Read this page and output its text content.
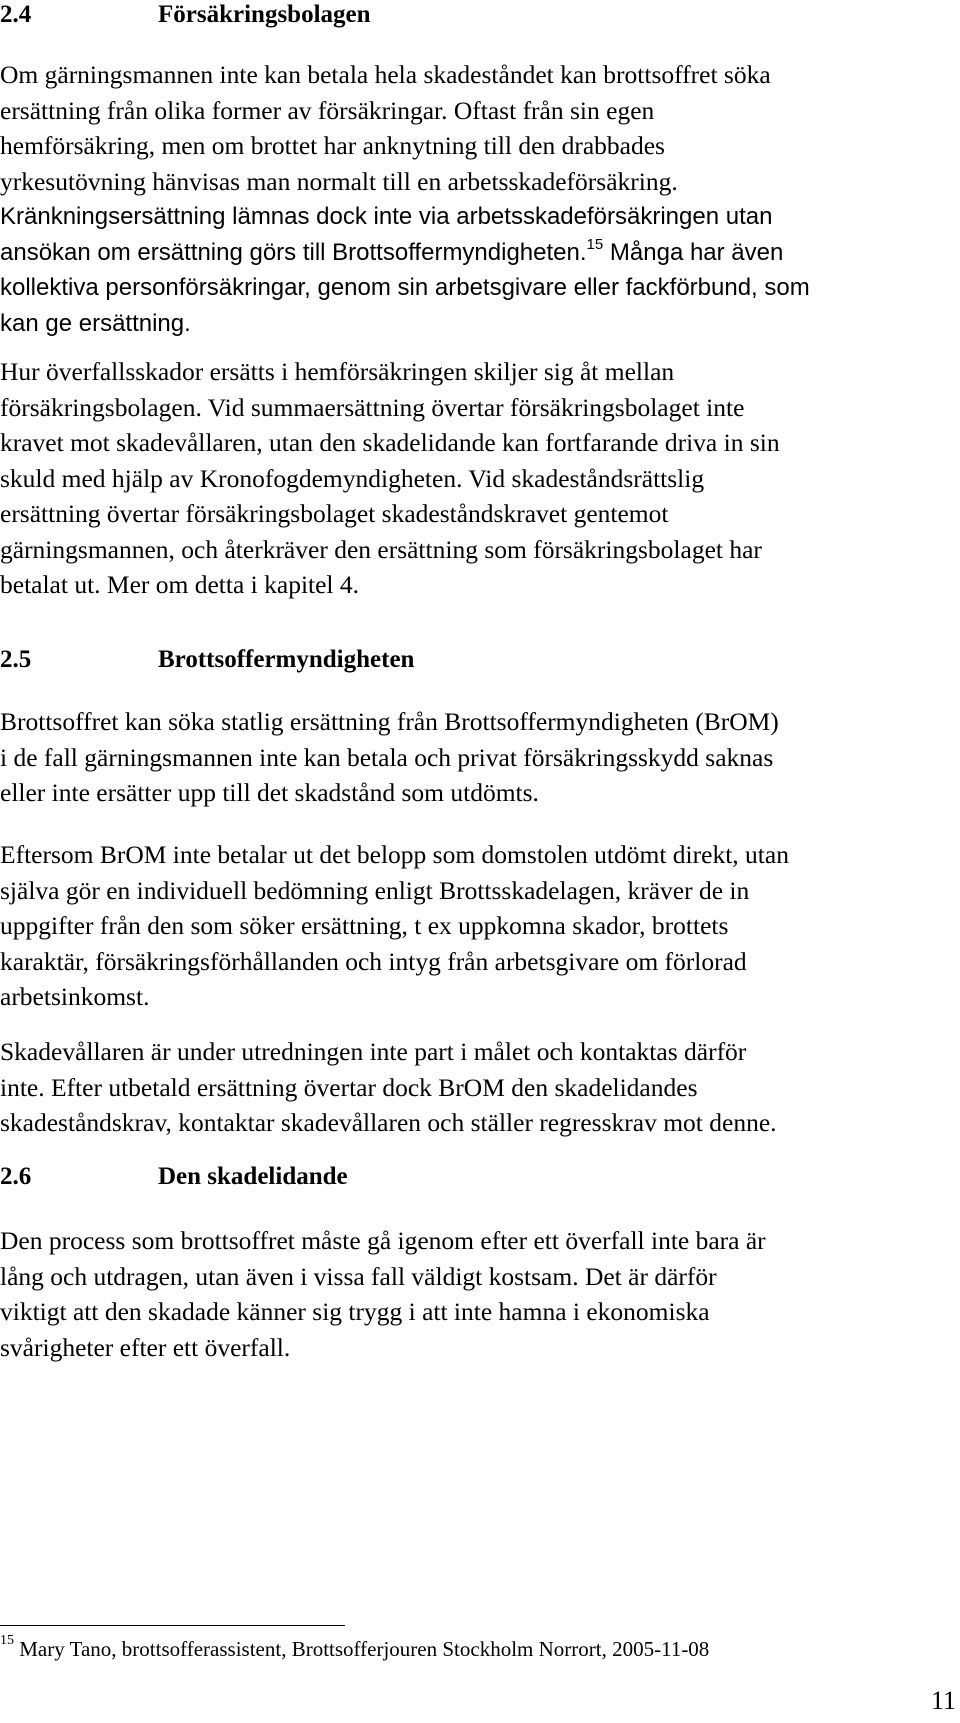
2.4	Försäkringsbolagen
Om gärningsmannen inte kan betala hela skadeståndet kan brottsoffret söka
ersättning från olika former av försäkringar. Oftast från sin egen
hemförsäkring, men om brottet har anknytning till den drabbades
yrkesutövning hänvisas man normalt till en arbetsskadeförsäkring.
Kränkningsersättning lämnas dock inte via arbetsskadeförsäkringen utan
ansökan om ersättning görs till Brottsoffermyndigheten.$^{15}$ Många har även
kollektiva personförsäkringar, genom sin arbetsgivare eller fackförbund, som
kan ge ersättning.
Hur överfallsskador ersätts i hemförsäkringen skiljer sig åt mellan
försäkringsbolagen. Vid summaersättning övertar försäkringsbolaget inte
kravet mot skadevållaren, utan den skadelidande kan fortfarande driva in sin
skuld med hjälp av Kronofogdemyndigheten. Vid skadeståndsrättslig
ersättning övertar försäkringsbolaget skadeståndskravet gentemot
gärningsmannen, och återkräver den ersättning som försäkringsbolaget har
betalat ut. Mer om detta i kapitel 4.
2.5	Brottsoffermyndigheten
Brottsoffret kan söka statlig ersättning från Brottsoffermyndigheten (BrOM)
i de fall gärningsmannen inte kan betala och privat försäkringsskydd saknas
eller inte ersätter upp till det skadstånd som utdömts.
Eftersom BrOM inte betalar ut det belopp som domstolen utdömt direkt, utan
själva gör en individuell bedömning enligt Brottsskadelagen, kräver de in
uppgifter från den som söker ersättning, t ex uppkomna skador, brottets
karaktär, försäkringsförhållanden och intyg från arbetsgivare om förlorad
arbetsinkomst.
Skadevållaren är under utredningen inte part i målet och kontaktas därför
inte. Efter utbetald ersättning övertar dock BrOM den skadelidandes
skadeståndskrav, kontaktar skadevållaren och ställer regresskrav mot denne.
2.6	Den skadelidande
Den process som brottsoffret måste gå igenom efter ett överfall inte bara är
lång och utdragen, utan även i vissa fall väldigt kostsam. Det är därför
viktigt att den skadade känner sig trygg i att inte hamna i ekonomiska
svårigheter efter ett överfall.
$^{15}$ Mary Tano, brottsofferassistent, Brottsofferjouren Stockholm Norrort, 2005-11-08
11
